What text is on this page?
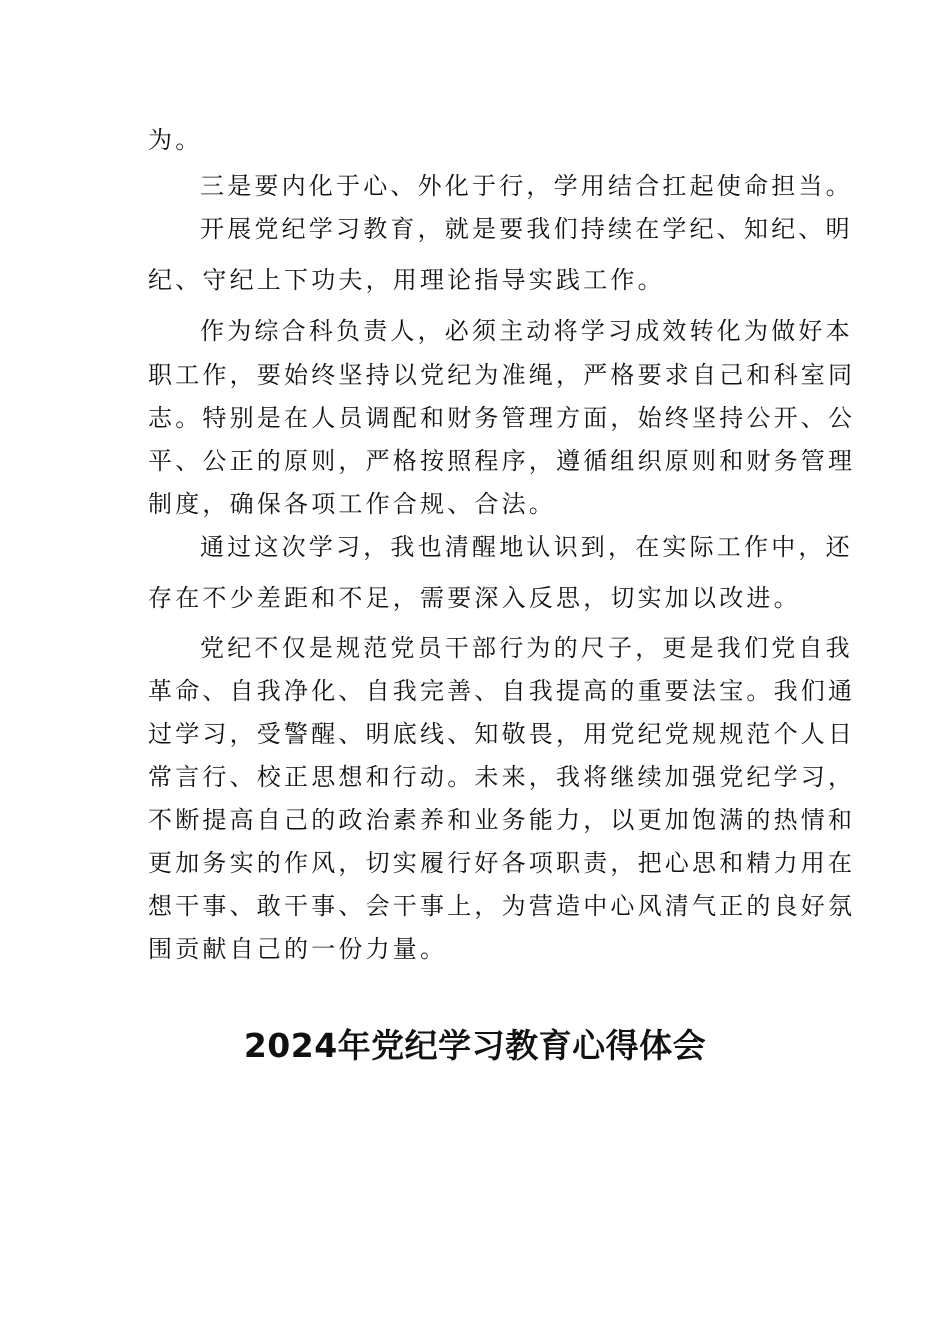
为。
三是要内化于心、外化于行，学用结合扛起使命担当。
开展党纪学习教育，就是要我们持续在学纪、知纪、明
纪、守纪上下功夫，用理论指导实践工作。
作为综合科负责人，必须主动将学习成效转化为做好本
职工作，要始终坚持以党纪为准绳，严格要求自己和科室同
志。特别是在人员调配和财务管理方面，始终坚持公开、公
平、公正的原则，严格按照程序，遵循组织原则和财务管理
制度，确保各项工作合规、合法。
通过这次学习，我也清醒地认识到，在实际工作中，还
存在不少差距和不足，需要深入反思，切实加以改进。
党纪不仅是规范党员干部行为的尺子，更是我们党自我
革命、自我净化、自我完善、自我提高的重要法宝。我们通
过学习，受警醒、明底线、知敬畏，用党纪党规规范个人日
常言行、校正思想和行动。未来，我将继续加强党纪学习，
不断提高自己的政治素养和业务能力，以更加饱满的热情和
更加务实的作风，切实履行好各项职责，把心思和精力用在
想干事、敢干事、会干事上，为营造中心风清气正的良好氛
围贡献自己的一份力量。
2024年党纪学习教育心得体会
